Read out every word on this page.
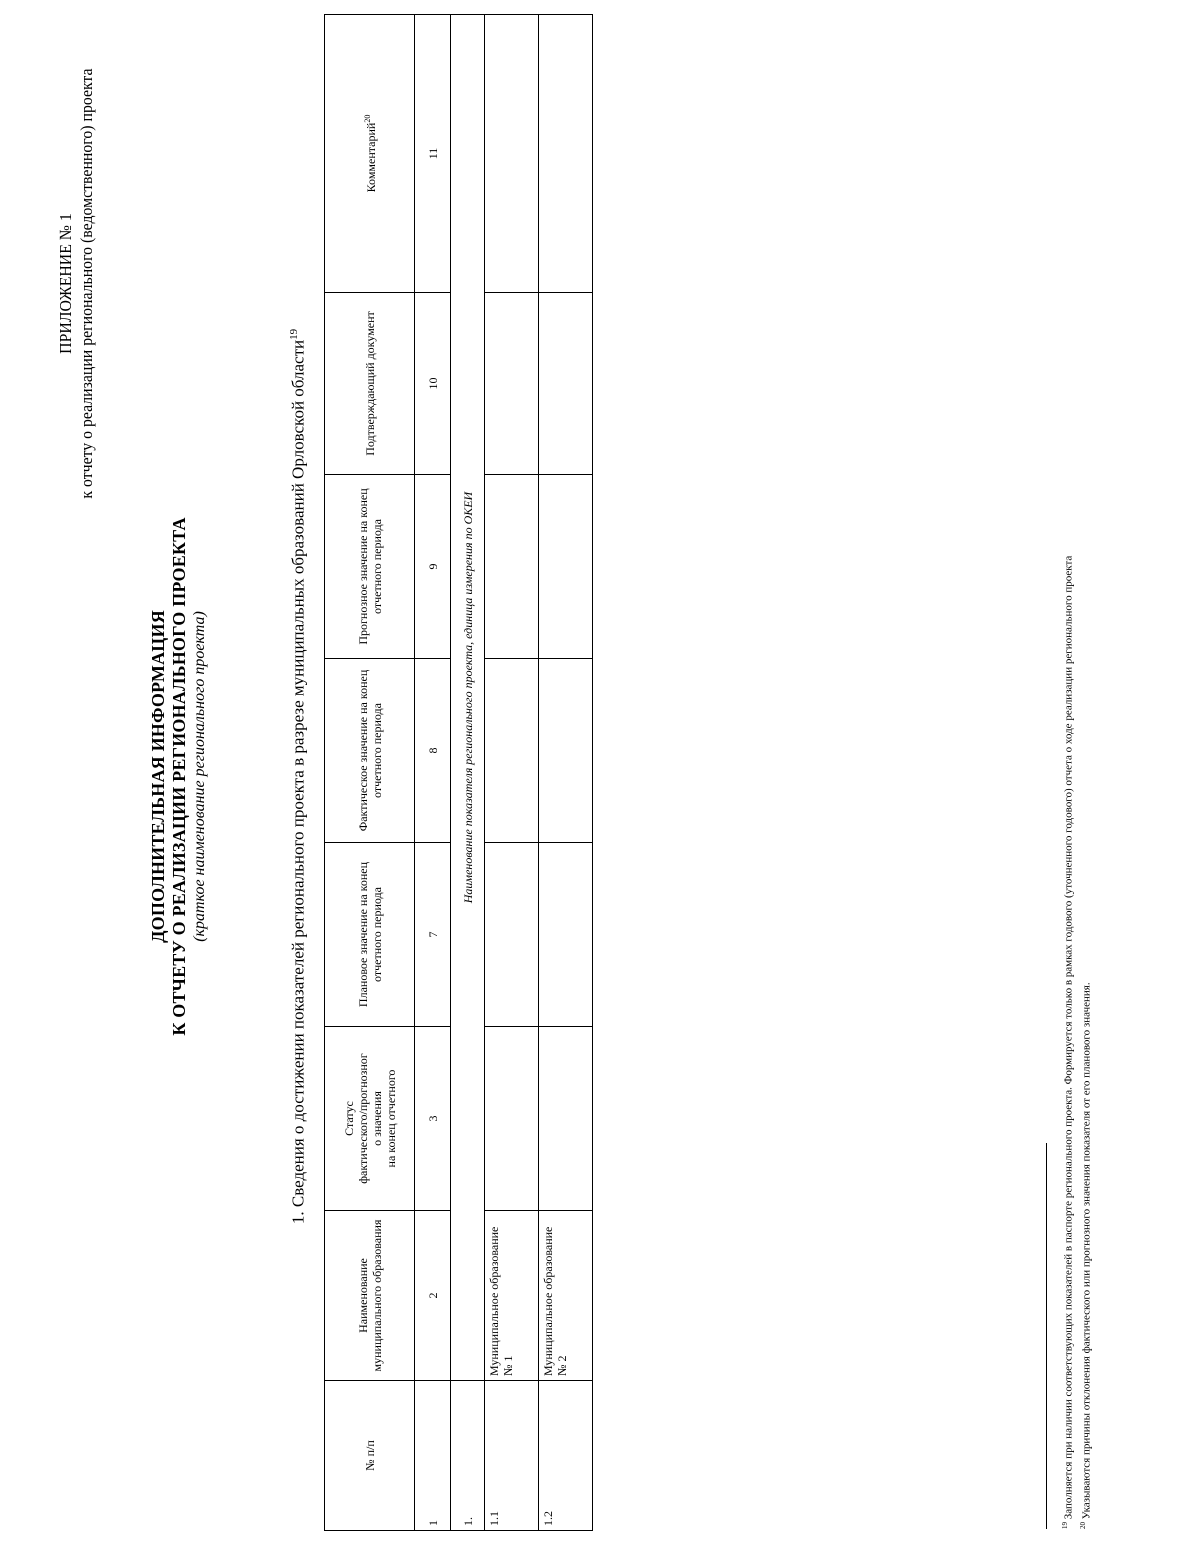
ПРИЛОЖЕНИЕ № 1 к отчету о реализации регионального (ведомственного) проекта
ДОПОЛНИТЕЛЬНАЯ ИНФОРМАЦИЯ К ОТЧЕТУ О РЕАЛИЗАЦИИ РЕГИОНАЛЬНОГО ПРОЕКТА (краткое наименование регионального проекта)	1. Сведения о достижении показателей регионального проекта в разрезе муниципальных образований Орловской области$^{19}$
№ п/п	Наименование муниципального образования	Статус фактического/прогнозног о значения на конец отчетного	Плановое значение на конец отчетного периода	Фактическое значение на конец отчетного периода	Прогнозное значение на конец отчетного периода	Подтверждающий документ	Комментарий$^{20}$
1	2	3	7	8	9	10	11
1.	Наименование показателя регионального проекта, единица измерения по ОКЕИ						
1.1	Муниципальное образование № 1						
1.2	Муниципальное образование № 2						
$^{19}$ Заполняется при наличии соответствующих показателей в паспорте регионального проекта. Формируется только в рамках годового (уточненного годового) отчета о ходе реализации регионального проекта
$^{20}$ Указываются причины отклонения фактического или прогнозного значения показателя от его планового значения.
